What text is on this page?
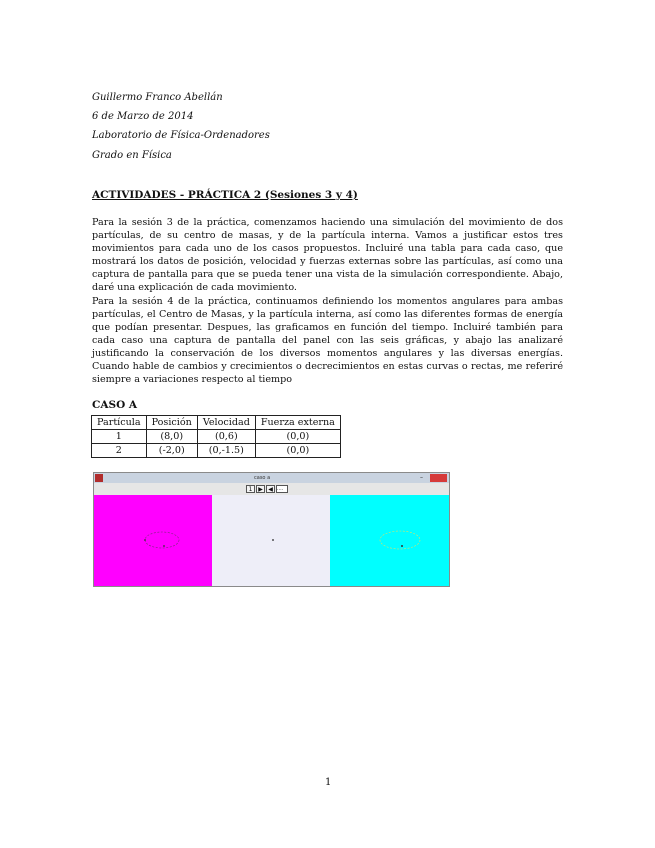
Guillermo Franco Abellán
6 de Marzo de 2014
Laboratorio de Física-Ordenadores
Grado en Física
ACTIVIDADES - PRÁCTICA 2 (Sesiones 3 y 4)

Para la sesión 3 de la práctica, comenzamos haciendo una simulación del movimiento de dos partículas, de su centro de masas, y de la partícula interna. Vamos a justificar estos tres movimientos para cada uno de los casos propuestos. Incluiré una tabla para cada caso, que mostrará los datos de posición, velocidad y fuerzas externas sobre las partículas, así como una captura de pantalla para que se pueda tener una vista de la simulación correspondiente. Abajo, daré una explicación de cada movimiento.

Para la sesión 4 de la práctica, continuamos definiendo los momentos angulares para ambas partículas, el Centro de Masas, y la partícula interna, así como las diferentes formas de energía que podían presentar. Despues, las graficamos en función del tiempo. Incluiré también para cada caso una captura de pantalla del panel con las seis gráficas, y abajo las analizaré justificando la conservación de los diversos momentos angulares y las diversas energías. Cuando hable de cambios y crecimientos o decrecimientos en estas curvas o rectas, me referiré siempre a variaciones respecto al tiempo

CASO A
Partícula	Posición	Velocidad	Fuerza externa
1	(8,0)	(0,6)	(0,0)
2	(-2,0)	(0,-1.5)	(0,0)
caso a	–
1 ▶ ◀ ....
1
